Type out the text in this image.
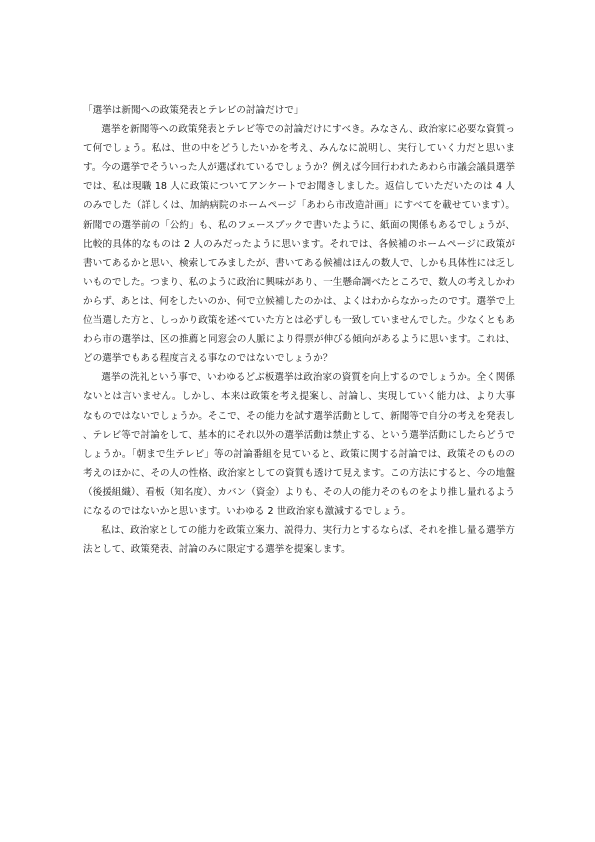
「選挙は新聞への政策発表とテレビの討論だけで」

選挙を新聞等への政策発表とテレビ等での討論だけにすべき。みなさん、政治家に必要な資質って何でしょう。私は、世の中をどうしたいかを考え、みんなに説明し、実行していく力だと思います。今の選挙でそういった人が選ばれているでしょうか？例えば今回行われたあわら市議会議員選挙では、私は現職 18 人に政策についてアンケートでお聞きしました。返信していただいたのは 4 人のみでした（詳しくは、加納病院のホームページ「あわら市改造計画」にすべてを載せています）。新聞での選挙前の「公約」も、私のフェースブックで書いたように、紙面の関係もあるでしょうが、比較的具体的なものは 2 人のみだったように思います。それでは、各候補のホームページに政策が書いてあるかと思い、検索してみましたが、書いてある候補はほんの数人で、しかも具体性には乏しいものでした。つまり、私のように政治に興味があり、一生懸命調べたところで、数人の考えしかわからず、あとは、何をしたいのか、何で立候補したのかは、よくはわからなかったのです。選挙で上位当選した方と、しっかり政策を述べていた方とは必ずしも一致していませんでした。少なくともあわら市の選挙は、区の推薦と同窓会の人脈により得票が伸びる傾向があるように思います。これは、どの選挙でもある程度言える事なのではないでしょうか？

選挙の洗礼という事で、いわゆるどぶ板選挙は政治家の資質を向上するのでしょうか。全く関係ないとは言いません。しかし、本来は政策を考え提案し、討論し、実現していく能力は、より大事なものではないでしょうか。そこで、その能力を試す選挙活動として、新聞等で自分の考えを発表し、テレビ等で討論をして、基本的にそれ以外の選挙活動は禁止する、という選挙活動にしたらどうでしょうか。「朝まで生テレビ」等の討論番組を見ていると、政策に関する討論では、政策そのものの考えのほかに、その人の性格、政治家としての資質も透けて見えます。この方法にすると、今の地盤（後援組織）、看板（知名度）、カバン（資金）よりも、その人の能力そのものをより推し量れるようになるのではないかと思います。いわゆる 2 世政治家も激減するでしょう。

私は、政治家としての能力を政策立案力、説得力、実行力とするならば、それを推し量る選挙方法として、政策発表、討論のみに限定する選挙を提案します。
